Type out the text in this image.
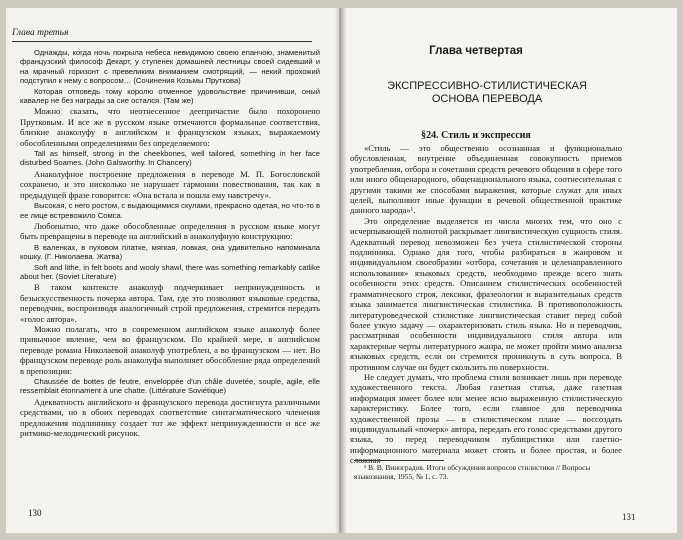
Глава третья

Однажды, когда ночь покрыла небеса невидимою своею епанчою, знаменитый французский философ Декарт, у ступенек домашней лестницы своей сидевший и на мрачный горизонт с превеликим вниманием смотрящий, — некий прохожий подступил к нему с вопросом… (Сочинения Козьмы Пруткова)

Которая отповедь тому королю отменное удовольствие причинивши, оный кавалер не без награды за сие остался. (Там же)

Можно сказать, что неотнесенное деепричастие было похоронено Прутковым. И все же в русском языке отмечаются формальные соответствия, близкие анаколуфу в английском и французском языках, выражаемому обособленными определениями без определяемого:

Tall as himself, strong in the cheekbones, well tailored, something in her face disturbed Soames. (John Galsworthy. In Chancery)

Анаколуфное построение предложения в переводе М. П. Богословской сохранено, и это нисколько не нарушает гармонии повествования, так как в предыдущей фразе говорится: «Она встала и пошла ему навстречу».

Высокая, с него ростом, с выдающимися скулами, прекрасно одетая, но что-то в ее лице встревожило Сомса.

Любопытно, что даже обособленные определения в русском языке могут быть превращены в переводе на английский в анаколуфную конструкцию:

В валенках, в пуховом платке, мягкая, ловкая, она удивительно напоминала кошку. (Г. Николаева. Жатва)

Soft and lithe, in felt boots and wooly shawl, there was something remarkably catlike about her. (Soviet Literature)

В таком контексте анаколуф подчеркивает непринужденность и безыскусственность почерка автора. Там, где это позволяют языковые средства, переводчик, воспроизводя аналогичный строй предложения, стремится передать «голос автора».

Можно полагать, что в современном английском языке анаколуф более привычное явление, чем во французском. По крайней мере, в английском переводе романа Николаевой анаколуф употреблен, а во французском — нет. Во французском переводе роль анаколуфа выполняет обособление ряда определений в препозиции:

Chaussée de bottes de feutre, enveloppée d'un châle duvetée, souple, agile, elle ressemblait étonnament à une chatte. (Littérature Soviétique)

Адекватность английского и французского перевода достигнута различными средствами, но в обоих переводах соответствие синтагматического членения предложения подлиннику создает тот же эффект непринужденности и все же ритмико-мелодический рисунок.

130
Глава четвертая
ЭКСПРЕССИВНО-СТИЛИСТИЧЕСКАЯ ОСНОВА ПЕРЕВОДА
§24. Стиль и экспрессия

«Стиль — это общественно осознанная и функционально обусловленная, внутренне объединенная совокупность приемов употребления, отбора и сочетания средств речевого общения в сфере того или иного общенародного, общенационального языка, соотнесительная с другими такими же способами выражения, которые служат для иных целей, выполняют иные функции в речевой общественной практике данного народа»¹.

Это определение выделяется из числа многих тем, что оно с исчерпывающей полнотой раскрывает лингвистическую сущность стиля. Адекватный перевод невозможен без учета стилистической стороны подлинника. Однако для того, чтобы разбираться в жанровом и индивидуальном своеобразии «отбора, сочетания и целенаправленного использования» языковых средств, необходимо прежде всего знать особенности этих средств. Описанием стилистических особенностей грамматического строя, лексики, фразеологии и выразительных средств языка занимается лингвистическая стилистика. В противоположность литературоведческой стилистике лингвистическая ставит перед собой более узкую задачу — охарактеризовать стиль языка. Но и переводчик, рассматривая особенности индивидуального стиля автора или характерные черты литературного жанра, не может пройти мимо анализа языковых средств, если он стремится проникнуть в суть вопроса. В противном случае он будет скользить по поверхности.

Не следует думать, что проблема стиля возникает лишь при переводе художественного текста. Любая газетная статья, даже газетная информация имеет более или менее ясно выраженную стилистическую характеристику. Более того, если главное для переводчика художественной прозы — в стилистическом плане — воссоздать индивидуальный «почерк» автора, передать его голос средствами другого языка, то перед переводчиком публицистики или газетно-информационного материала может стоять и более простая, и более сложная

¹ В. В. Виноградов. Итоги обсуждения вопросов стилистики // Вопросы языкознания, 1955, № 1, с. 73.
131
